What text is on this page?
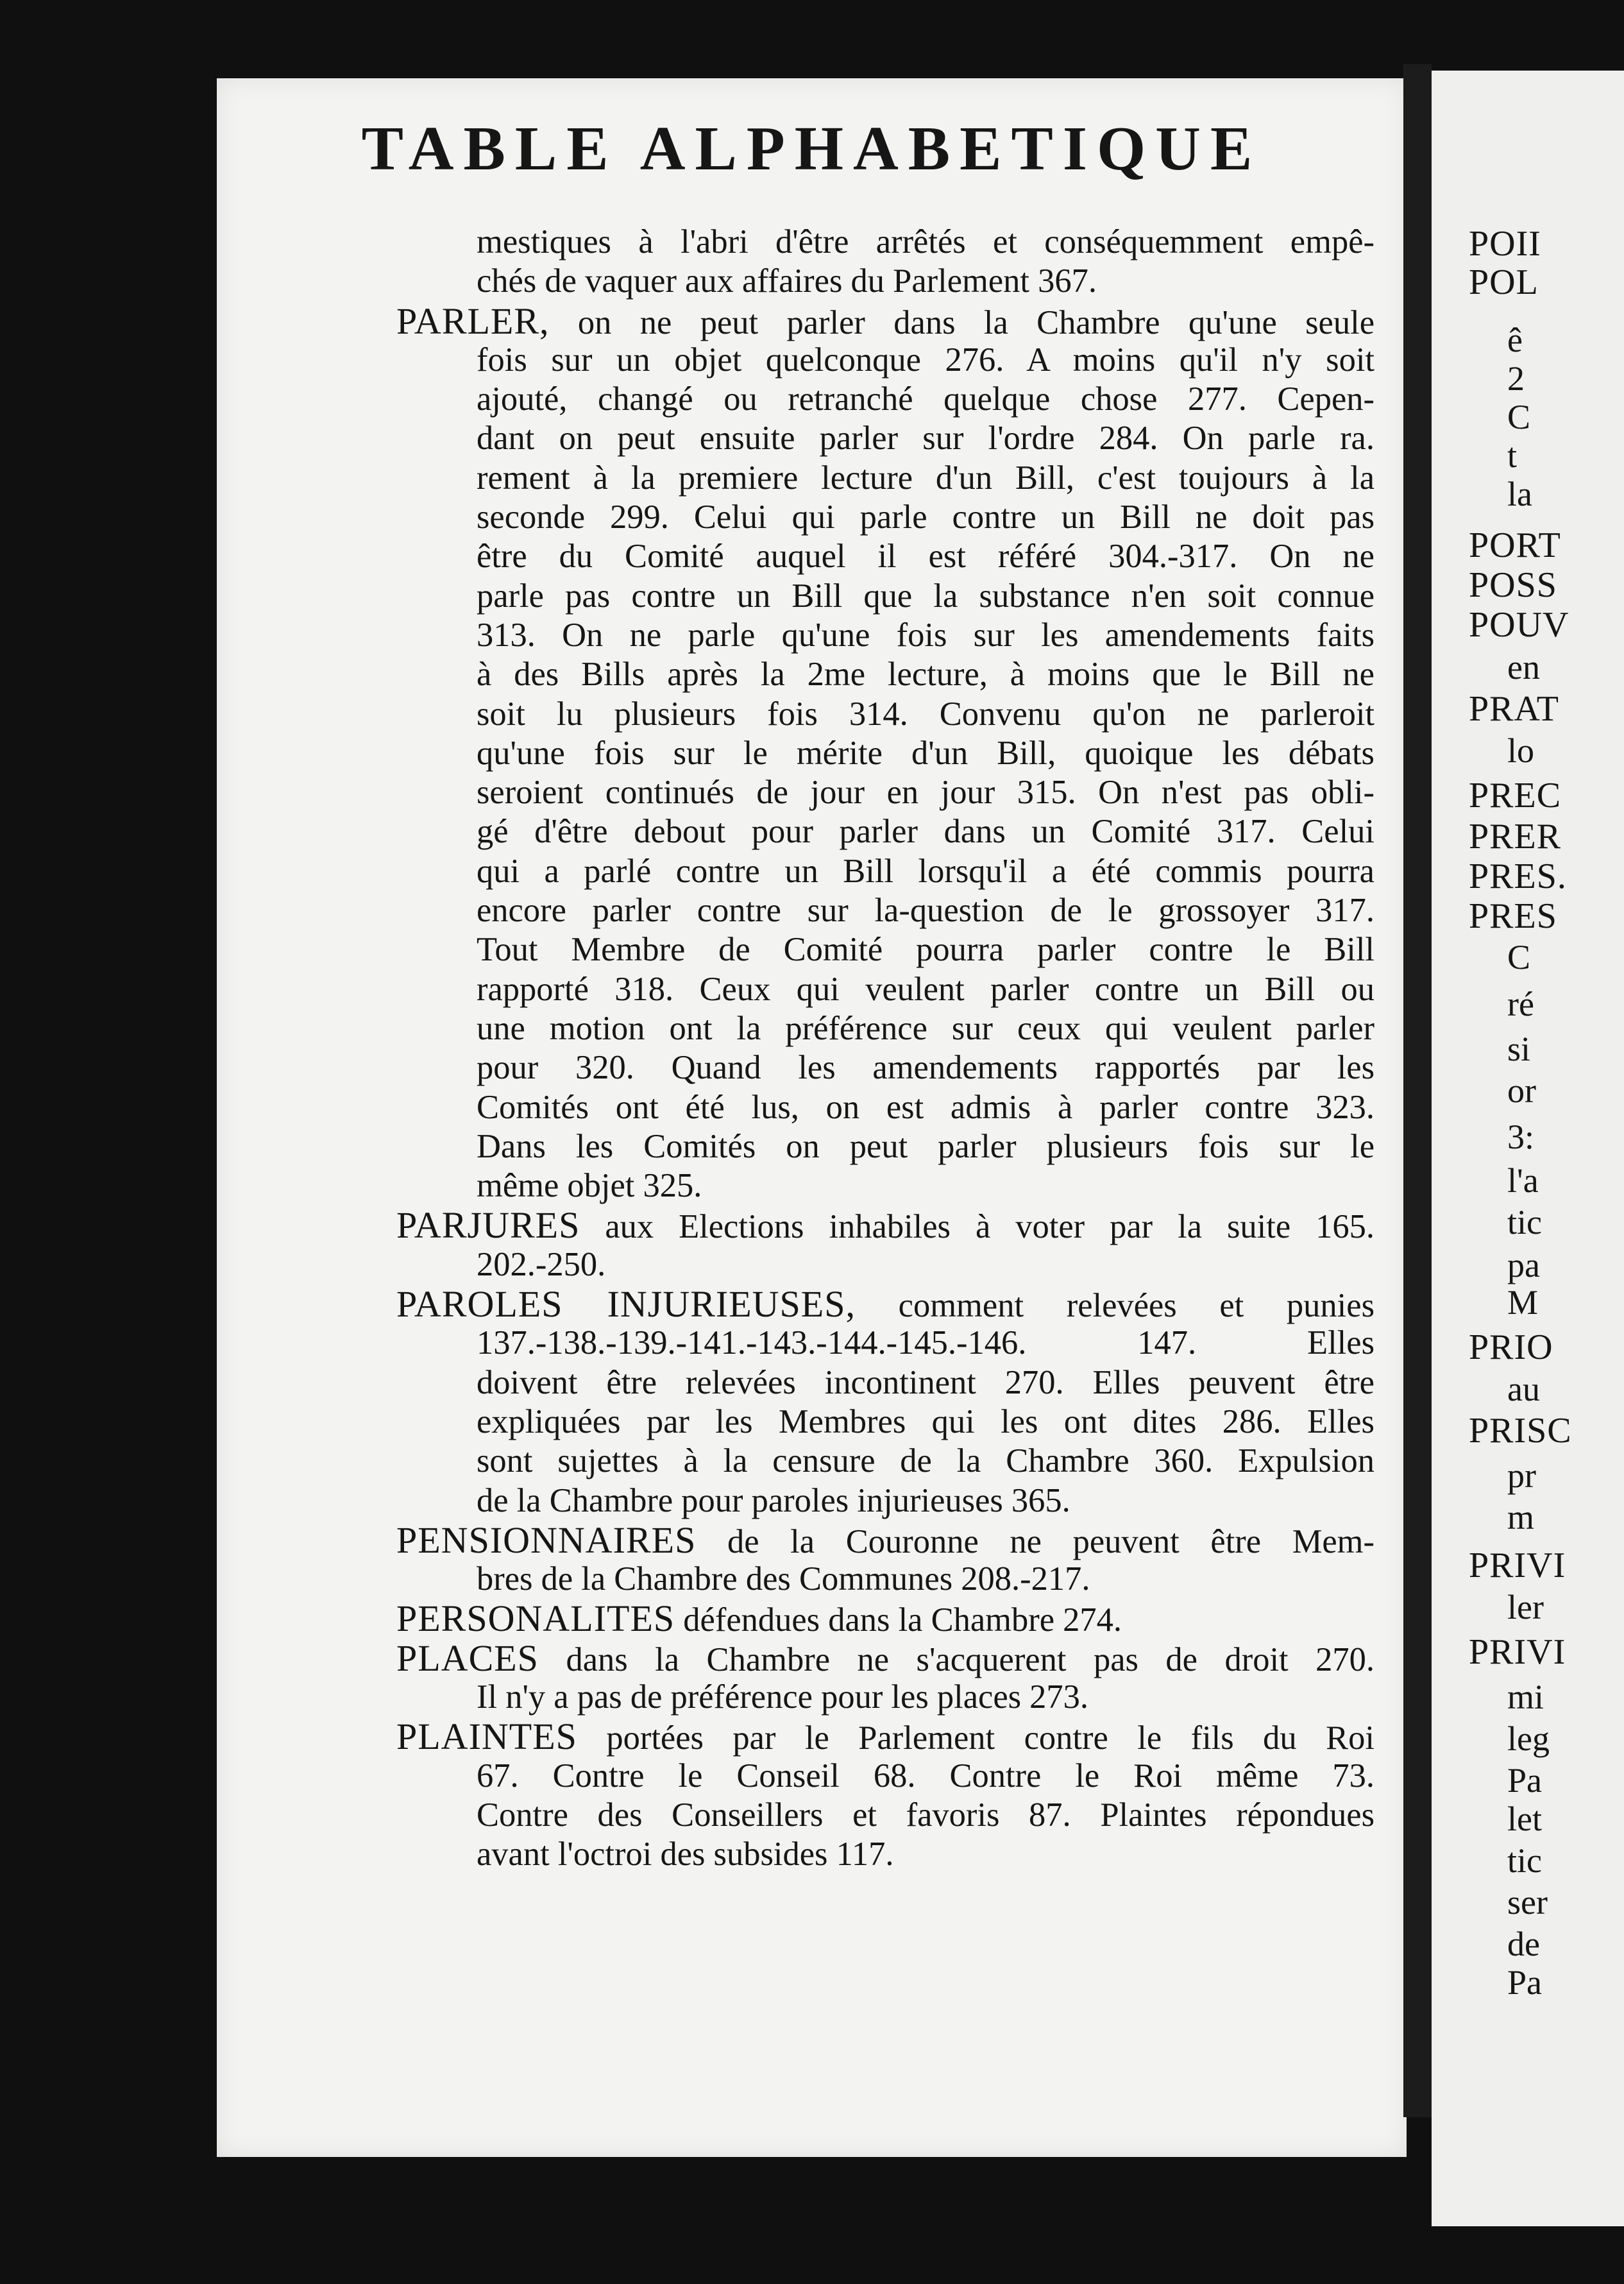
TABLE ALPHABETIQUE
mestiques à l'abri d'être arrêtés et conséquemment empê-
chés de vaquer aux affaires du Parlement 367.
PARLER, on ne peut parler dans la Chambre qu'une seule
fois sur un objet quelconque 276. A moins qu'il n'y soit
ajouté, changé ou retranché quelque chose 277. Cepen-
dant on peut ensuite parler sur l'ordre 284. On parle ra.
rement à la premiere lecture d'un Bill, c'est toujours à la
seconde 299. Celui qui parle contre un Bill ne doit pas
être du Comité auquel il est référé 304.-317. On ne
parle pas contre un Bill que la substance n'en soit connue
313. On ne parle qu'une fois sur les amendements faits
à des Bills après la 2me lecture, à moins que le Bill ne
soit lu plusieurs fois 314. Convenu qu'on ne parleroit
qu'une fois sur le mérite d'un Bill, quoique les débats
seroient continués de jour en jour 315. On n'est pas obli-
gé d'être debout pour parler dans un Comité 317. Celui
qui a parlé contre un Bill lorsqu'il a été commis pourra
encore parler contre sur la-question de le grossoyer 317.
Tout Membre de Comité pourra parler contre le Bill
rapporté 318. Ceux qui veulent parler contre un Bill ou
une motion ont la préférence sur ceux qui veulent parler
pour 320. Quand les amendements rapportés par les
Comités ont été lus, on est admis à parler contre 323.
Dans les Comités on peut parler plusieurs fois sur le
même objet 325.
PARJURES aux Elections inhabiles à voter par la suite 165.
202.-250.
PAROLES INJURIEUSES, comment relevées et punies
137.-138.-139.-141.-143.-144.-145.-146. 147. Elles
doivent être relevées incontinent 270. Elles peuvent être
expliquées par les Membres qui les ont dites 286. Elles
sont sujettes à la censure de la Chambre 360. Expulsion
de la Chambre pour paroles injurieuses 365.
PENSIONNAIRES de la Couronne ne peuvent être Mem-
bres de la Chambre des Communes 208.-217.
PERSONALITES défendues dans la Chambre 274.
PLACES dans la Chambre ne s'acquerent pas de droit 270.
Il n'y a pas de préférence pour les places 273.
PLAINTES portées par le Parlement contre le fils du Roi
67. Contre le Conseil 68. Contre le Roi même 73.
Contre des Conseillers et favoris 87. Plaintes répondues
avant l'octroi des subsides 117.
POII
POL
ê
2
C
t
la
PORT
POSS
POUV
en
PRAT
lo
PREC
PRER
PRES.
PRES
C
ré
si
or
3:
l'a
tic
pa
M
PRIO
au
PRISC
pr
m
PRIVI
ler
PRIVI
mi
leg
Pa
let
tic
ser
de
Pa
